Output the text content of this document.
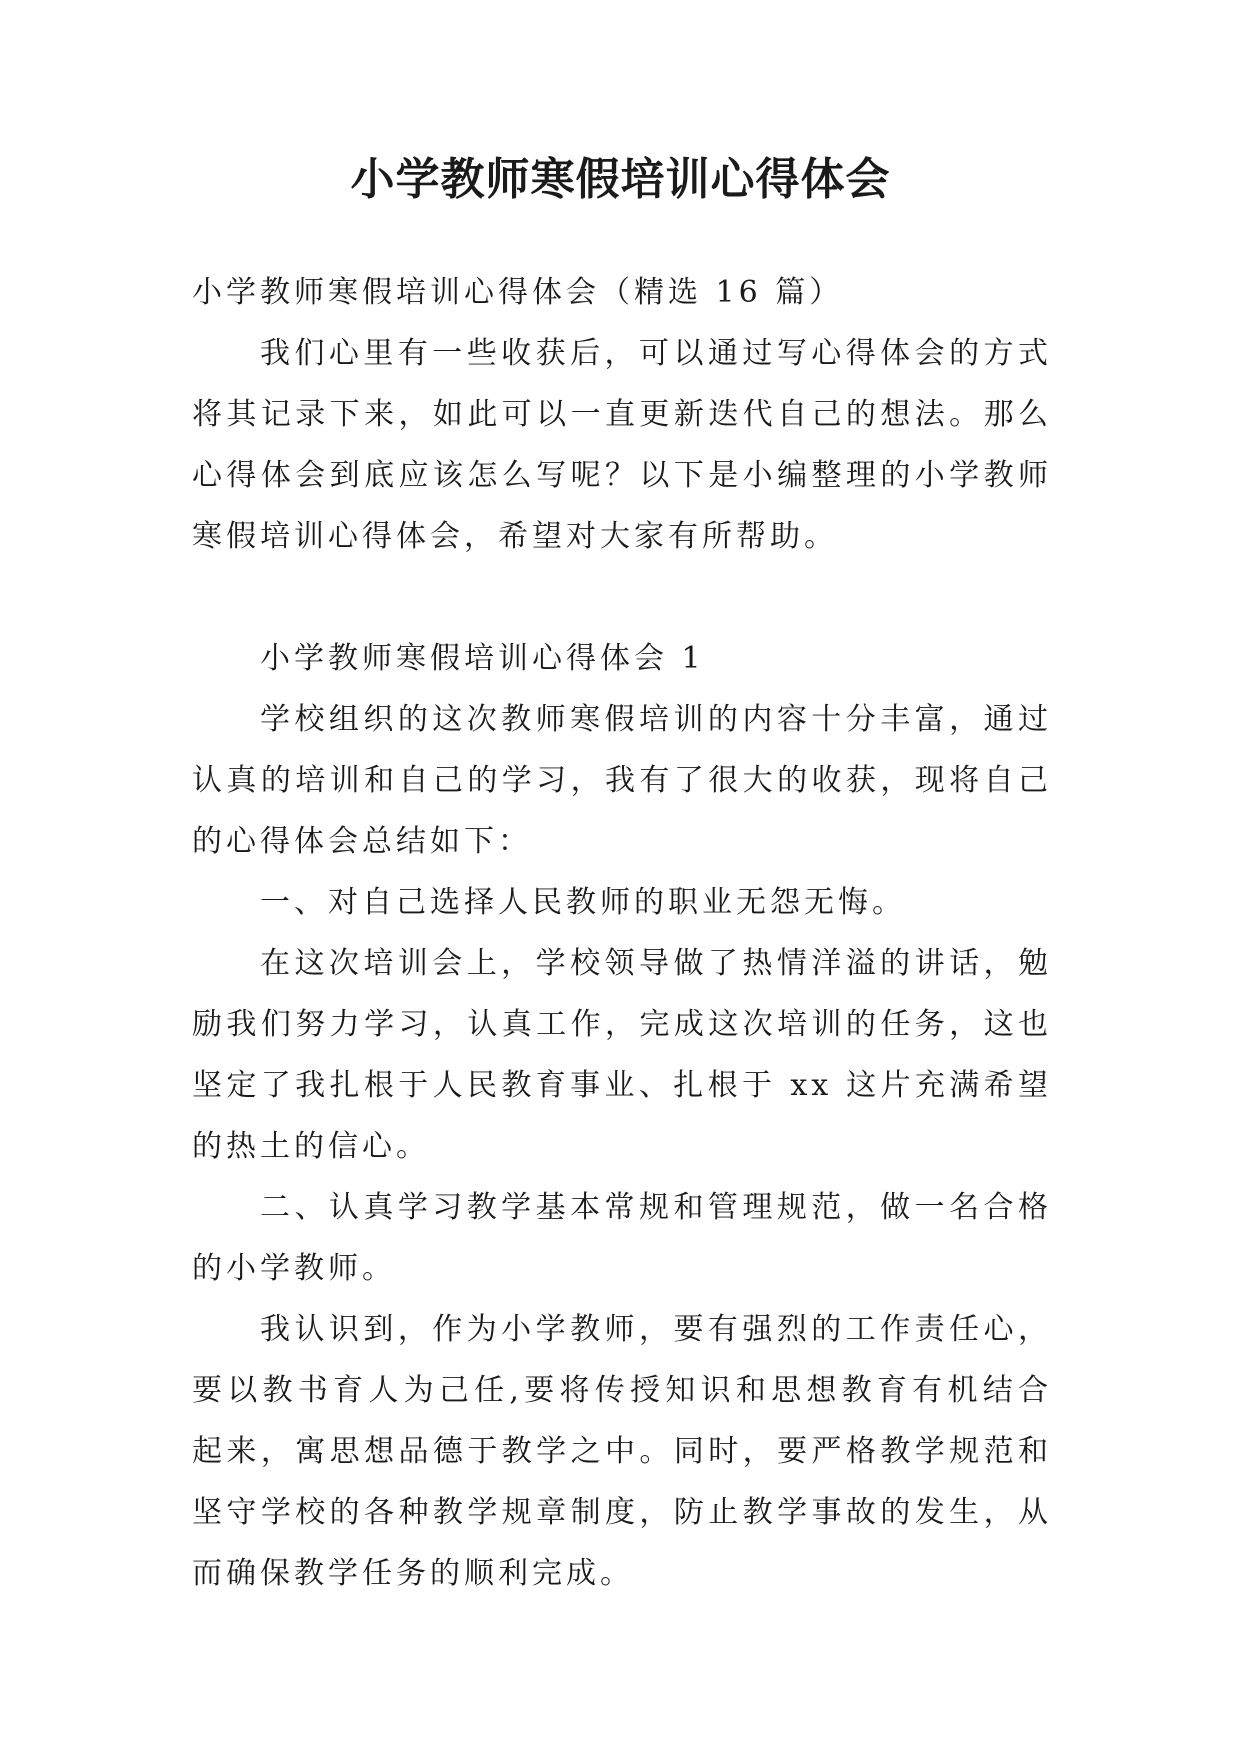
小学教师寒假培训心得体会

小学教师寒假培训心得体会（精选 16 篇）

我们心里有一些收获后，可以通过写心得体会的方式将其记录下来，如此可以一直更新迭代自己的想法。那么心得体会到底应该怎么写呢？以下是小编整理的小学教师寒假培训心得体会，希望对大家有所帮助。

小学教师寒假培训心得体会 1

学校组织的这次教师寒假培训的内容十分丰富，通过认真的培训和自己的学习，我有了很大的收获，现将自己的心得体会总结如下：

一、对自己选择人民教师的职业无怨无悔。

在这次培训会上，学校领导做了热情洋溢的讲话，勉励我们努力学习，认真工作，完成这次培训的任务，这也坚定了我扎根于人民教育事业、扎根于 xx 这片充满希望的热土的信心。

二、认真学习教学基本常规和管理规范，做一名合格的小学教师。

我认识到，作为小学教师，要有强烈的工作责任心，要以教书育人为己任,要将传授知识和思想教育有机结合起来，寓思想品德于教学之中。同时，要严格教学规范和坚守学校的各种教学规章制度，防止教学事故的发生，从而确保教学任务的顺利完成。
